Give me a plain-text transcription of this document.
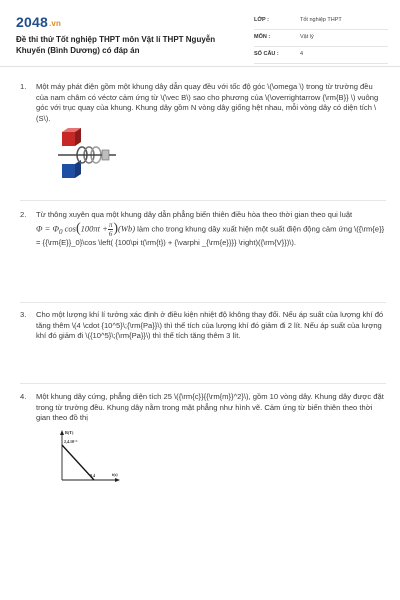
2048.vn
Đề thi thử Tốt nghiệp THPT môn Vật lí THPT Nguyễn Khuyến (Bình Dương) có đáp án
LỚP :	Tốt nghiệp THPT
MÔN :	Vật lý
SỐ CÂU :	4
1. Một máy phát điện gồm một khung dây dẫn quay đều với tốc độ góc \(\omega \) trong từ trường đều của nam châm có véctơ cảm ứng từ \(\vec B\) sao cho phương của \(\overrightarrow {\rm{B}} \) vuông góc với trục quay của khung. Khung dây gồm N vòng dây giống hệt nhau, mỗi vòng dây có diện tích \(S\).

2. Từ thông xuyên qua một khung dây dẫn phẳng biến thiên điều hòa theo thời gian theo qui luật $\Phi = \Phi_0$ $\cos(100\pi t + \frac{\pi}{6} )(Wb)$ làm cho trong khung dây xuất hiện một suất điện động cảm ứng \({\rm{e}} = {{\rm{E}}_0}\cos \left( {100\pi t(\rm{t}) + {\varphi _{\rm{e}}}} \right)({\rm{V}})\).

3. Cho một lượng khí lí tưởng xác định ở điều kiện nhiệt độ không thay đổi. Nếu áp suất của lượng khí đó tăng thêm \(4 \cdot {10^5}\;{\rm{Pa}}\) thì thể tích của lượng khí đó giảm đi 2 lít. Nếu áp suất của lượng khí đó giảm đi \({10^5}\;{\rm{Pa}}\) thì thể tích tăng thêm 3 lít.

4. Một khung dây cứng, phẳng diện tích 25 \({\rm{c}}{{\rm{m}}^2}\), gồm 10 vòng dây. Khung dây được đặt trong từ trường đều. Khung dây nằm trong mặt phẳng như hình vẽ. Cảm ứng từ biến thiên theo thời gian theo đồ thị

B(T)
2,4.10⁻³
0,4	t(s)
